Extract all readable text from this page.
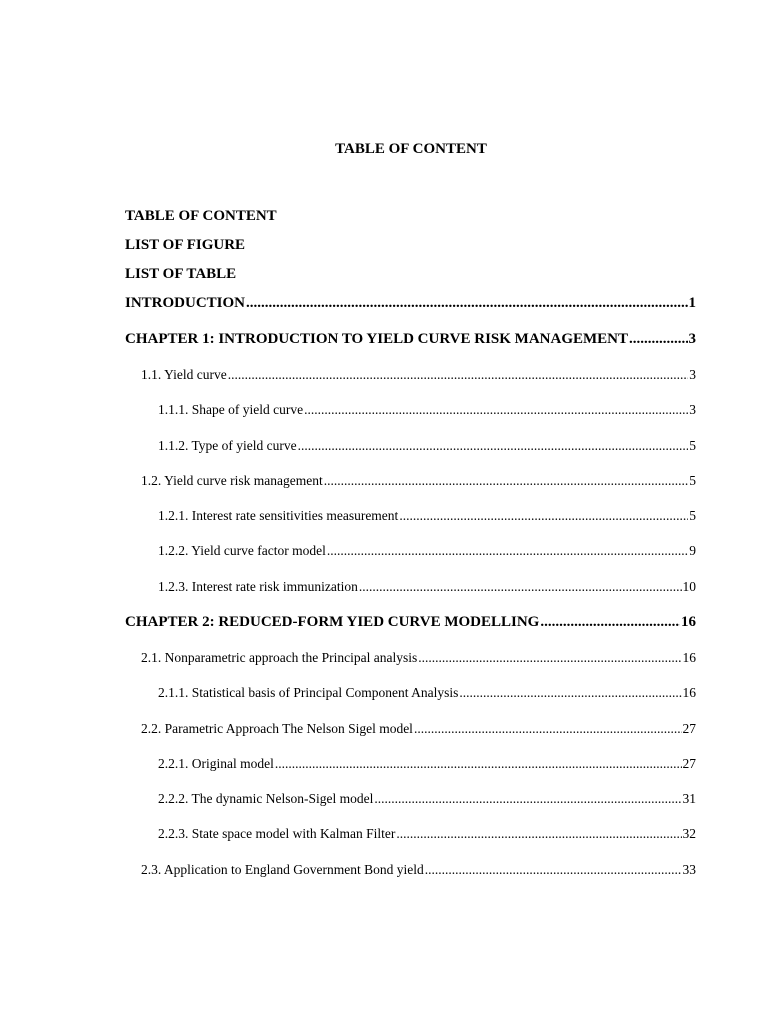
TABLE OF CONTENT
TABLE OF CONTENT
LIST OF FIGURE
LIST OF TABLE
INTRODUCTION .....	1
CHAPTER 1: INTRODUCTION TO YIELD CURVE RISK MANAGEMENT .....	3
1.1. Yield curve .....	3
1.1.1. Shape of yield curve .....	3
1.1.2. Type of yield curve .....	5
1.2. Yield curve risk management .....	5
1.2.1. Interest rate sensitivities measurement .....	5
1.2.2. Yield curve factor model .....	9
1.2.3. Interest rate risk immunization .....	10
CHAPTER 2: REDUCED-FORM YIED CURVE MODELLING .....	16
2.1. Nonparametric approach the Principal analysis .....	16
2.1.1. Statistical basis of Principal Component Analysis .....	16
2.2. Parametric Approach The Nelson Sigel model .....	27
2.2.1. Original model .....	27
2.2.2. The dynamic Nelson-Sigel model .....	31
2.2.3. State space model with Kalman Filter .....	32
2.3. Application to England Government Bond yield .....	33
